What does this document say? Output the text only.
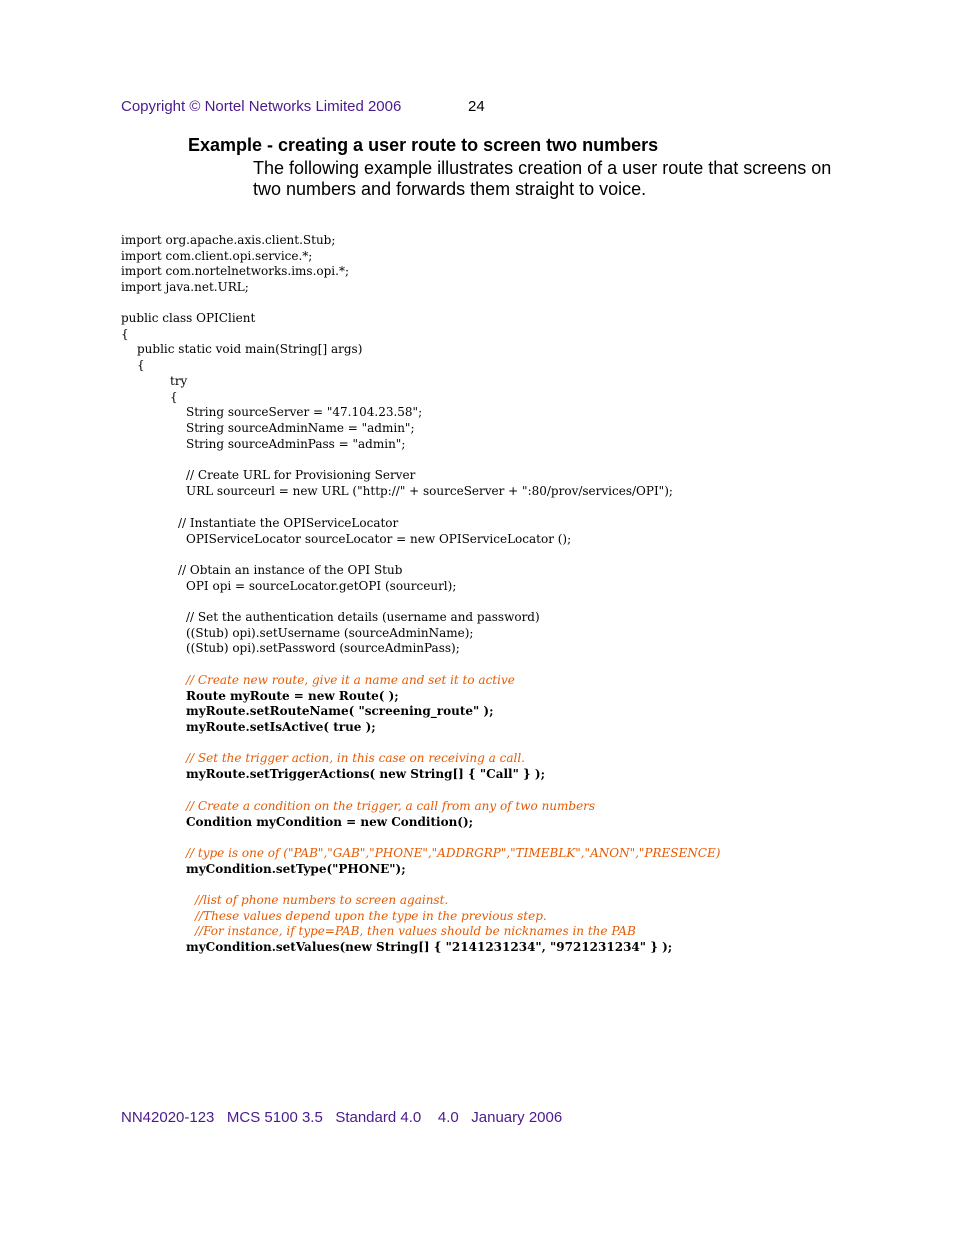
Copyright © Nortel Networks Limited 2006	24
Example - creating a user route to screen two numbers
The following example illustrates creation of a user route that screens on two numbers and forwards them straight to voice.
import org.apache.axis.client.Stub;
import com.client.opi.service.*;
import com.nortelnetworks.ims.opi.*;
import java.net.URL;
public class OPIClient
{
public static void main(String[] args)
{
try
{
String sourceServer = "47.104.23.58";
String sourceAdminName = "admin";
String sourceAdminPass = "admin";
// Create URL for Provisioning Server
URL sourceurl = new URL ("http://" + sourceServer + ":80/prov/services/OPI");
// Instantiate the OPIServiceLocator
OPIServiceLocator sourceLocator = new OPIServiceLocator ();
// Obtain an instance of the OPI Stub
OPI opi = sourceLocator.getOPI (sourceurl);
// Set the authentication details (username and password)
((Stub) opi).setUsername (sourceAdminName);
((Stub) opi).setPassword (sourceAdminPass);
// Create new route, give it a name and set it to active
Route myRoute = new Route( );
myRoute.setRouteName( "screening_route" );
myRoute.setIsActive( true );
// Set the trigger action, in this case on receiving a call.
myRoute.setTriggerActions( new String[] { "Call" } );
// Create a condition on the trigger, a call from any of two numbers
Condition myCondition = new Condition();
// type is one of ("PAB","GAB","PHONE","ADDRGRP","TIMEBLK","ANON","PRESENCE)
myCondition.setType("PHONE");
//list of phone numbers to screen against.
//These values depend upon the type in the previous step.
//For instance, if type=PAB, then values should be nicknames in the PAB
myCondition.setValues(new String[] { "2141231234", "9721231234" } );
NN42020-123 MCS 5100 3.5 Standard 4.0 4.0 January 2006
